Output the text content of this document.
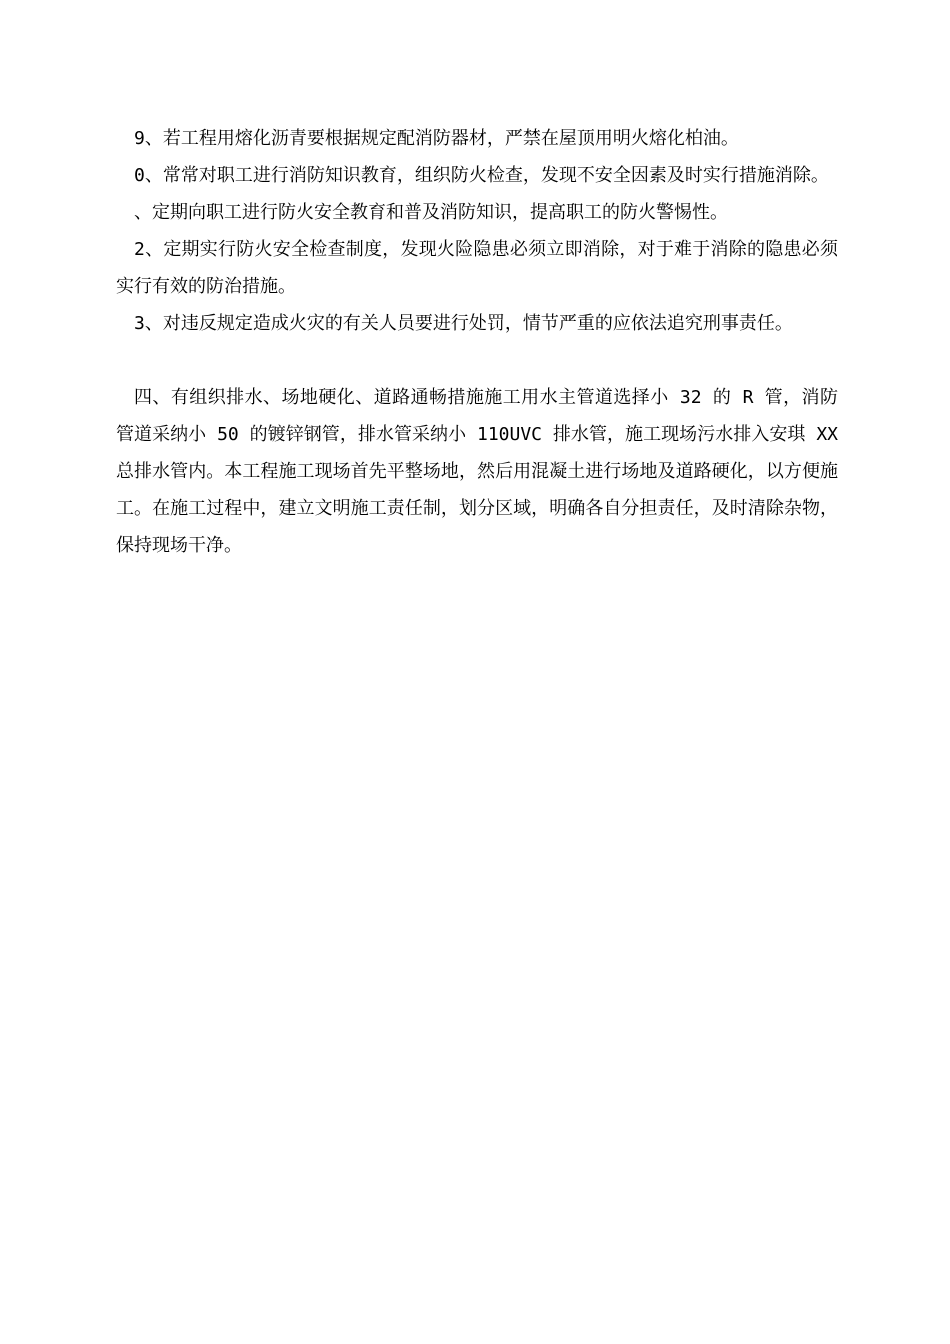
9、若工程用熔化沥青要根据规定配消防器材，严禁在屋顶用明火熔化柏油。

0、常常对职工进行消防知识教育，组织防火检查，发现不安全因素及时实行措施消除。

、定期向职工进行防火安全教育和普及消防知识，提高职工的防火警惕性。

2、定期实行防火安全检查制度，发现火险隐患必须立即消除，对于难于消除的隐患必须实行有效的防治措施。

3、对违反规定造成火灾的有关人员要进行处罚，情节严重的应依法追究刑事责任。

四、有组织排水、场地硬化、道路通畅措施施工用水主管道选择小 32 的 R 管，消防管道采纳小 50 的镀锌钢管，排水管采纳小 110UVC 排水管，施工现场污水排入安琪 XX 总排水管内。本工程施工现场首先平整场地，然后用混凝土进行场地及道路硬化，以方便施工。在施工过程中，建立文明施工责任制，划分区域，明确各自分担责任，及时清除杂物，保持现场干净。
